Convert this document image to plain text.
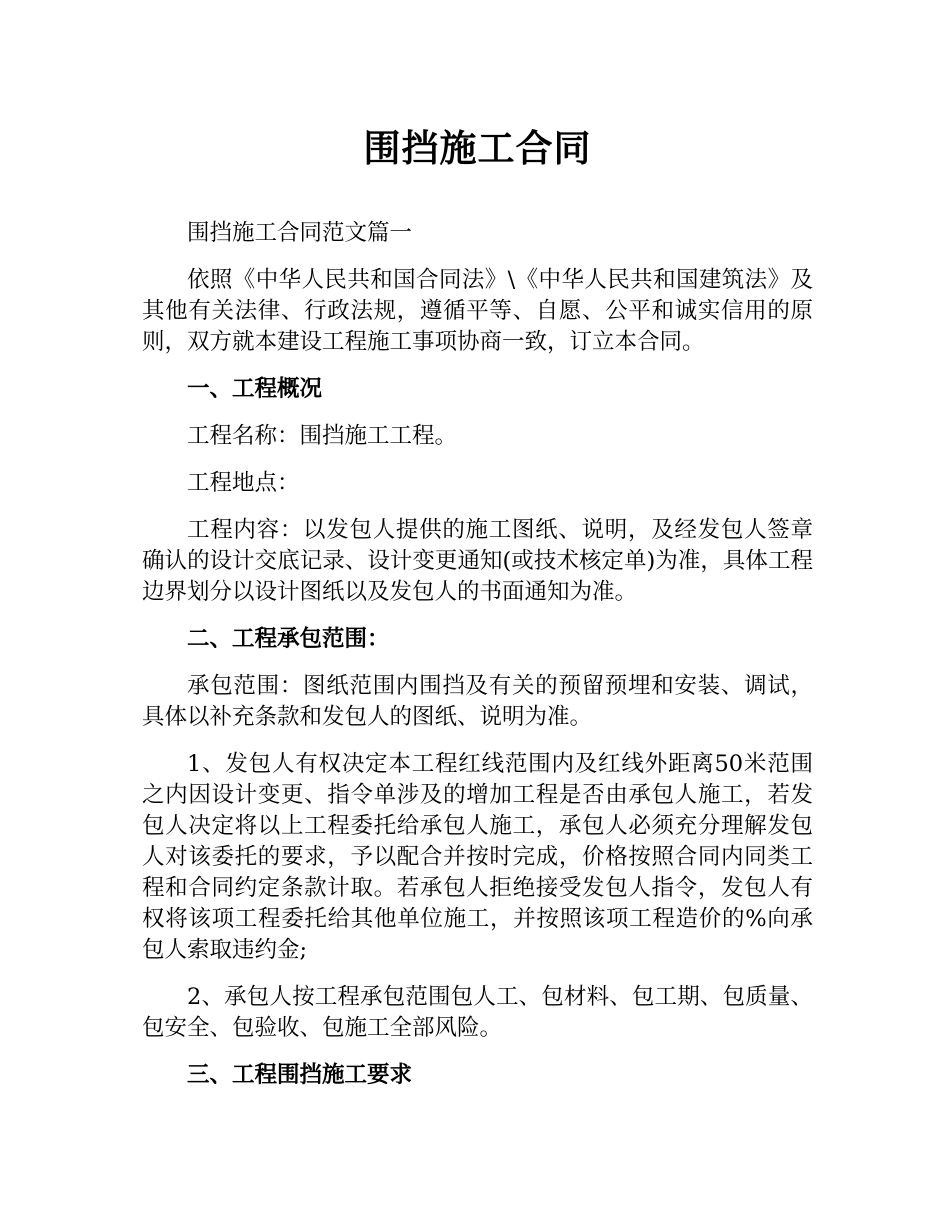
围挡施工合同
围挡施工合同范文篇一
依照《中华人民共和国合同法》\《中华人民共和国建筑法》及其他有关法律、行政法规，遵循平等、自愿、公平和诚实信用的原则，双方就本建设工程施工事项协商一致，订立本合同。
一、工程概况
工程名称：围挡施工工程。
工程地点：
工程内容：以发包人提供的施工图纸、说明，及经发包人签章确认的设计交底记录、设计变更通知(或技术核定单)为准，具体工程边界划分以设计图纸以及发包人的书面通知为准。
二、工程承包范围：
承包范围：图纸范围内围挡及有关的预留预埋和安装、调试，具体以补充条款和发包人的图纸、说明为准。
1、发包人有权决定本工程红线范围内及红线外距离50米范围之内因设计变更、指令单涉及的增加工程是否由承包人施工，若发包人决定将以上工程委托给承包人施工，承包人必须充分理解发包人对该委托的要求，予以配合并按时完成，价格按照合同内同类工程和合同约定条款计取。若承包人拒绝接受发包人指令，发包人有权将该项工程委托给其他单位施工，并按照该项工程造价的%向承包人索取违约金;
2、承包人按工程承包范围包人工、包材料、包工期、包质量、包安全、包验收、包施工全部风险。
三、工程围挡施工要求
